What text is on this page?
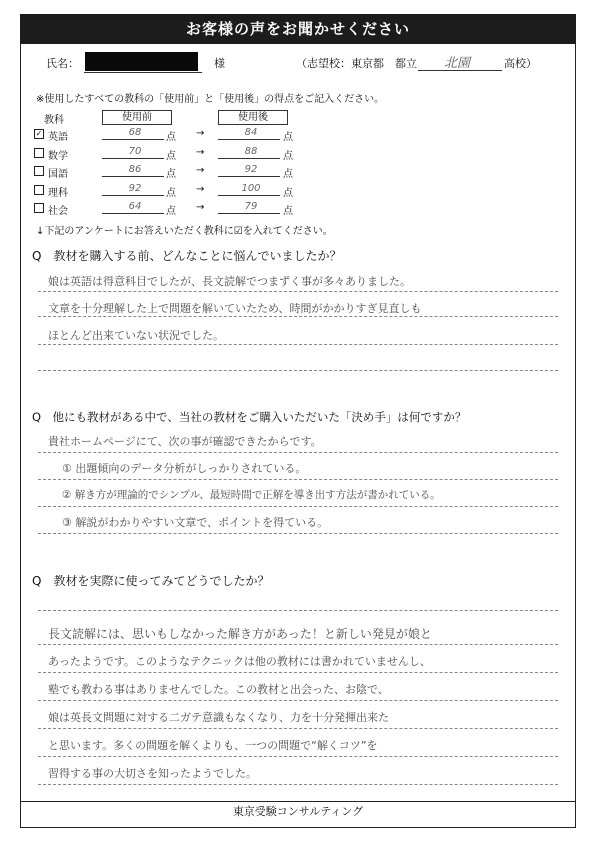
お客様の声をお聞かせください
氏名：	様	（志望校：東京都　都立 北園	高校）
※使用したすべての教科の「使用前」と「使用後」の得点をご記入ください。
教科	使用前	使用後
✓ 英語	68	点 →	84	点
数学	70	点 →	88	点
国語	86	点 →	92	点
理科	92	点 →	100	点
社会	64	点 →	79	点
↓下記のアンケートにお答えいただく教科に☑を入れてください。
Q　教材を購入する前、どんなことに悩んでいましたか？
娘は英語は得意科目でしたが、長文読解でつまずく事が多々ありました。
文章を十分理解した上で問題を解いていたため、時間がかかりすぎ見直しも
ほとんど出来ていない状況でした。
Q　他にも教材がある中で、当社の教材をご購入いただいた「決め手」は何ですか？
貴社ホームページにて、次の事が確認できたからです。
① 出題傾向のデータ分析がしっかりされている。
② 解き方が理論的でシンプル、最短時間で正解を導き出す方法が書かれている。
③ 解説がわかりやすい文章で、ポイントを得ている。
Q　教材を実際に使ってみてどうでしたか？
長文読解には、思いもしなかった解き方があった！と新しい発見が娘と
あったようです。このようなテクニックは他の教材には書かれていませんし、
塾でも教わる事はありませんでした。この教材と出会った、お陰で、
娘は英長文問題に対する二ガテ意識もなくなり、力を十分発揮出来た
と思います。多くの問題を解くよりも、一つの問題で“解くコツ”を
習得する事の大切さを知ったようでした。
東京受験コンサルティング
